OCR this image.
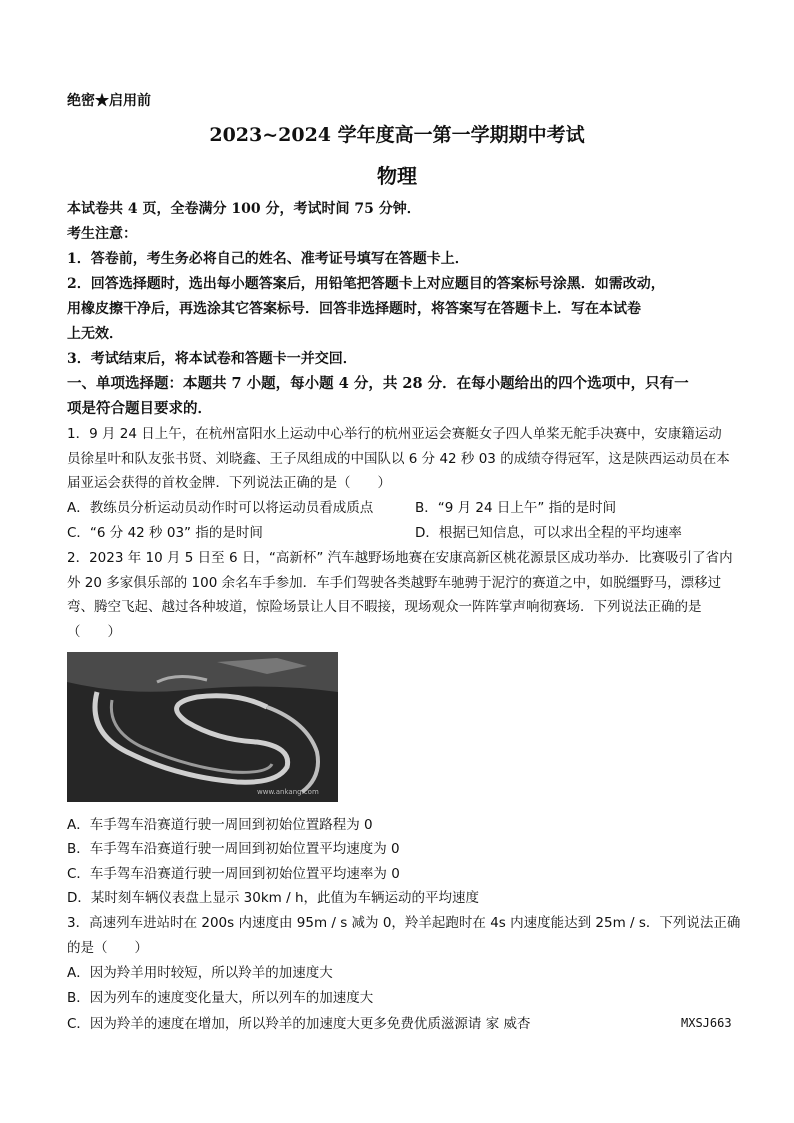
绝密★启用前
2023~2024 学年度高一第一学期期中考试
物理
本试卷共 4 页，全卷满分 100 分，考试时间 75 分钟．
考生注意：
1．答卷前，考生务必将自己的姓名、准考证号填写在答题卡上．
2．回答选择题时，选出每小题答案后，用铅笔把答题卡上对应题目的答案标号涂黑．如需改动，
用橡皮擦干净后，再选涂其它答案标号．回答非选择题时，将答案写在答题卡上．写在本试卷
上无效．
3．考试结束后，将本试卷和答题卡一并交回．
一、单项选择题：本题共 7 小题，每小题 4 分，共 28 分．在每小题给出的四个选项中，只有一
项是符合题目要求的．
1．9 月 24 日上午，在杭州富阳水上运动中心举行的杭州亚运会赛艇女子四人单桨无舵手决赛中，安康籍运动
员徐星叶和队友张书贤、刘晓鑫、王子凤组成的中国队以 6 分 42 秒 03 的成绩夺得冠军，这是陕西运动员在本
届亚运会获得的首枚金牌．下列说法正确的是（　　）
A．教练员分析运动员动作时可以将运动员看成质点	B．“9 月 24 日上午” 指的是时间
C．“6 分 42 秒 03” 指的是时间	D．根据已知信息，可以求出全程的平均速率
2．2023 年 10 月 5 日至 6 日，“高新杯” 汽车越野场地赛在安康高新区桃花源景区成功举办．比赛吸引了省内
外 20 多家俱乐部的 100 余名车手参加．车手们驾驶各类越野车驰骋于泥泞的赛道之中，如脱缰野马，漂移过
弯、腾空飞起、越过各种坡道，惊险场景让人目不暇接，现场观众一阵阵掌声响彻赛场．下列说法正确的是
（　　）
www.ankang.com
A．车手驾车沿赛道行驶一周回到初始位置路程为 0
B．车手驾车沿赛道行驶一周回到初始位置平均速度为 0
C．车手驾车沿赛道行驶一周回到初始位置平均速率为 0
D．某时刻车辆仪表盘上显示 30km / h，此值为车辆运动的平均速度
3．高速列车进站时在 200s 内速度由 95m / s 减为 0，羚羊起跑时在 4s 内速度能达到 25m / s．下列说法正确
的是（　　）
A．因为羚羊用时较短，所以羚羊的加速度大
B．因为列车的速度变化量大，所以列车的加速度大
C．因为羚羊的速度在增加，所以羚羊的加速度大更多免费优质滋源请 家 威杏	MXSJ663
